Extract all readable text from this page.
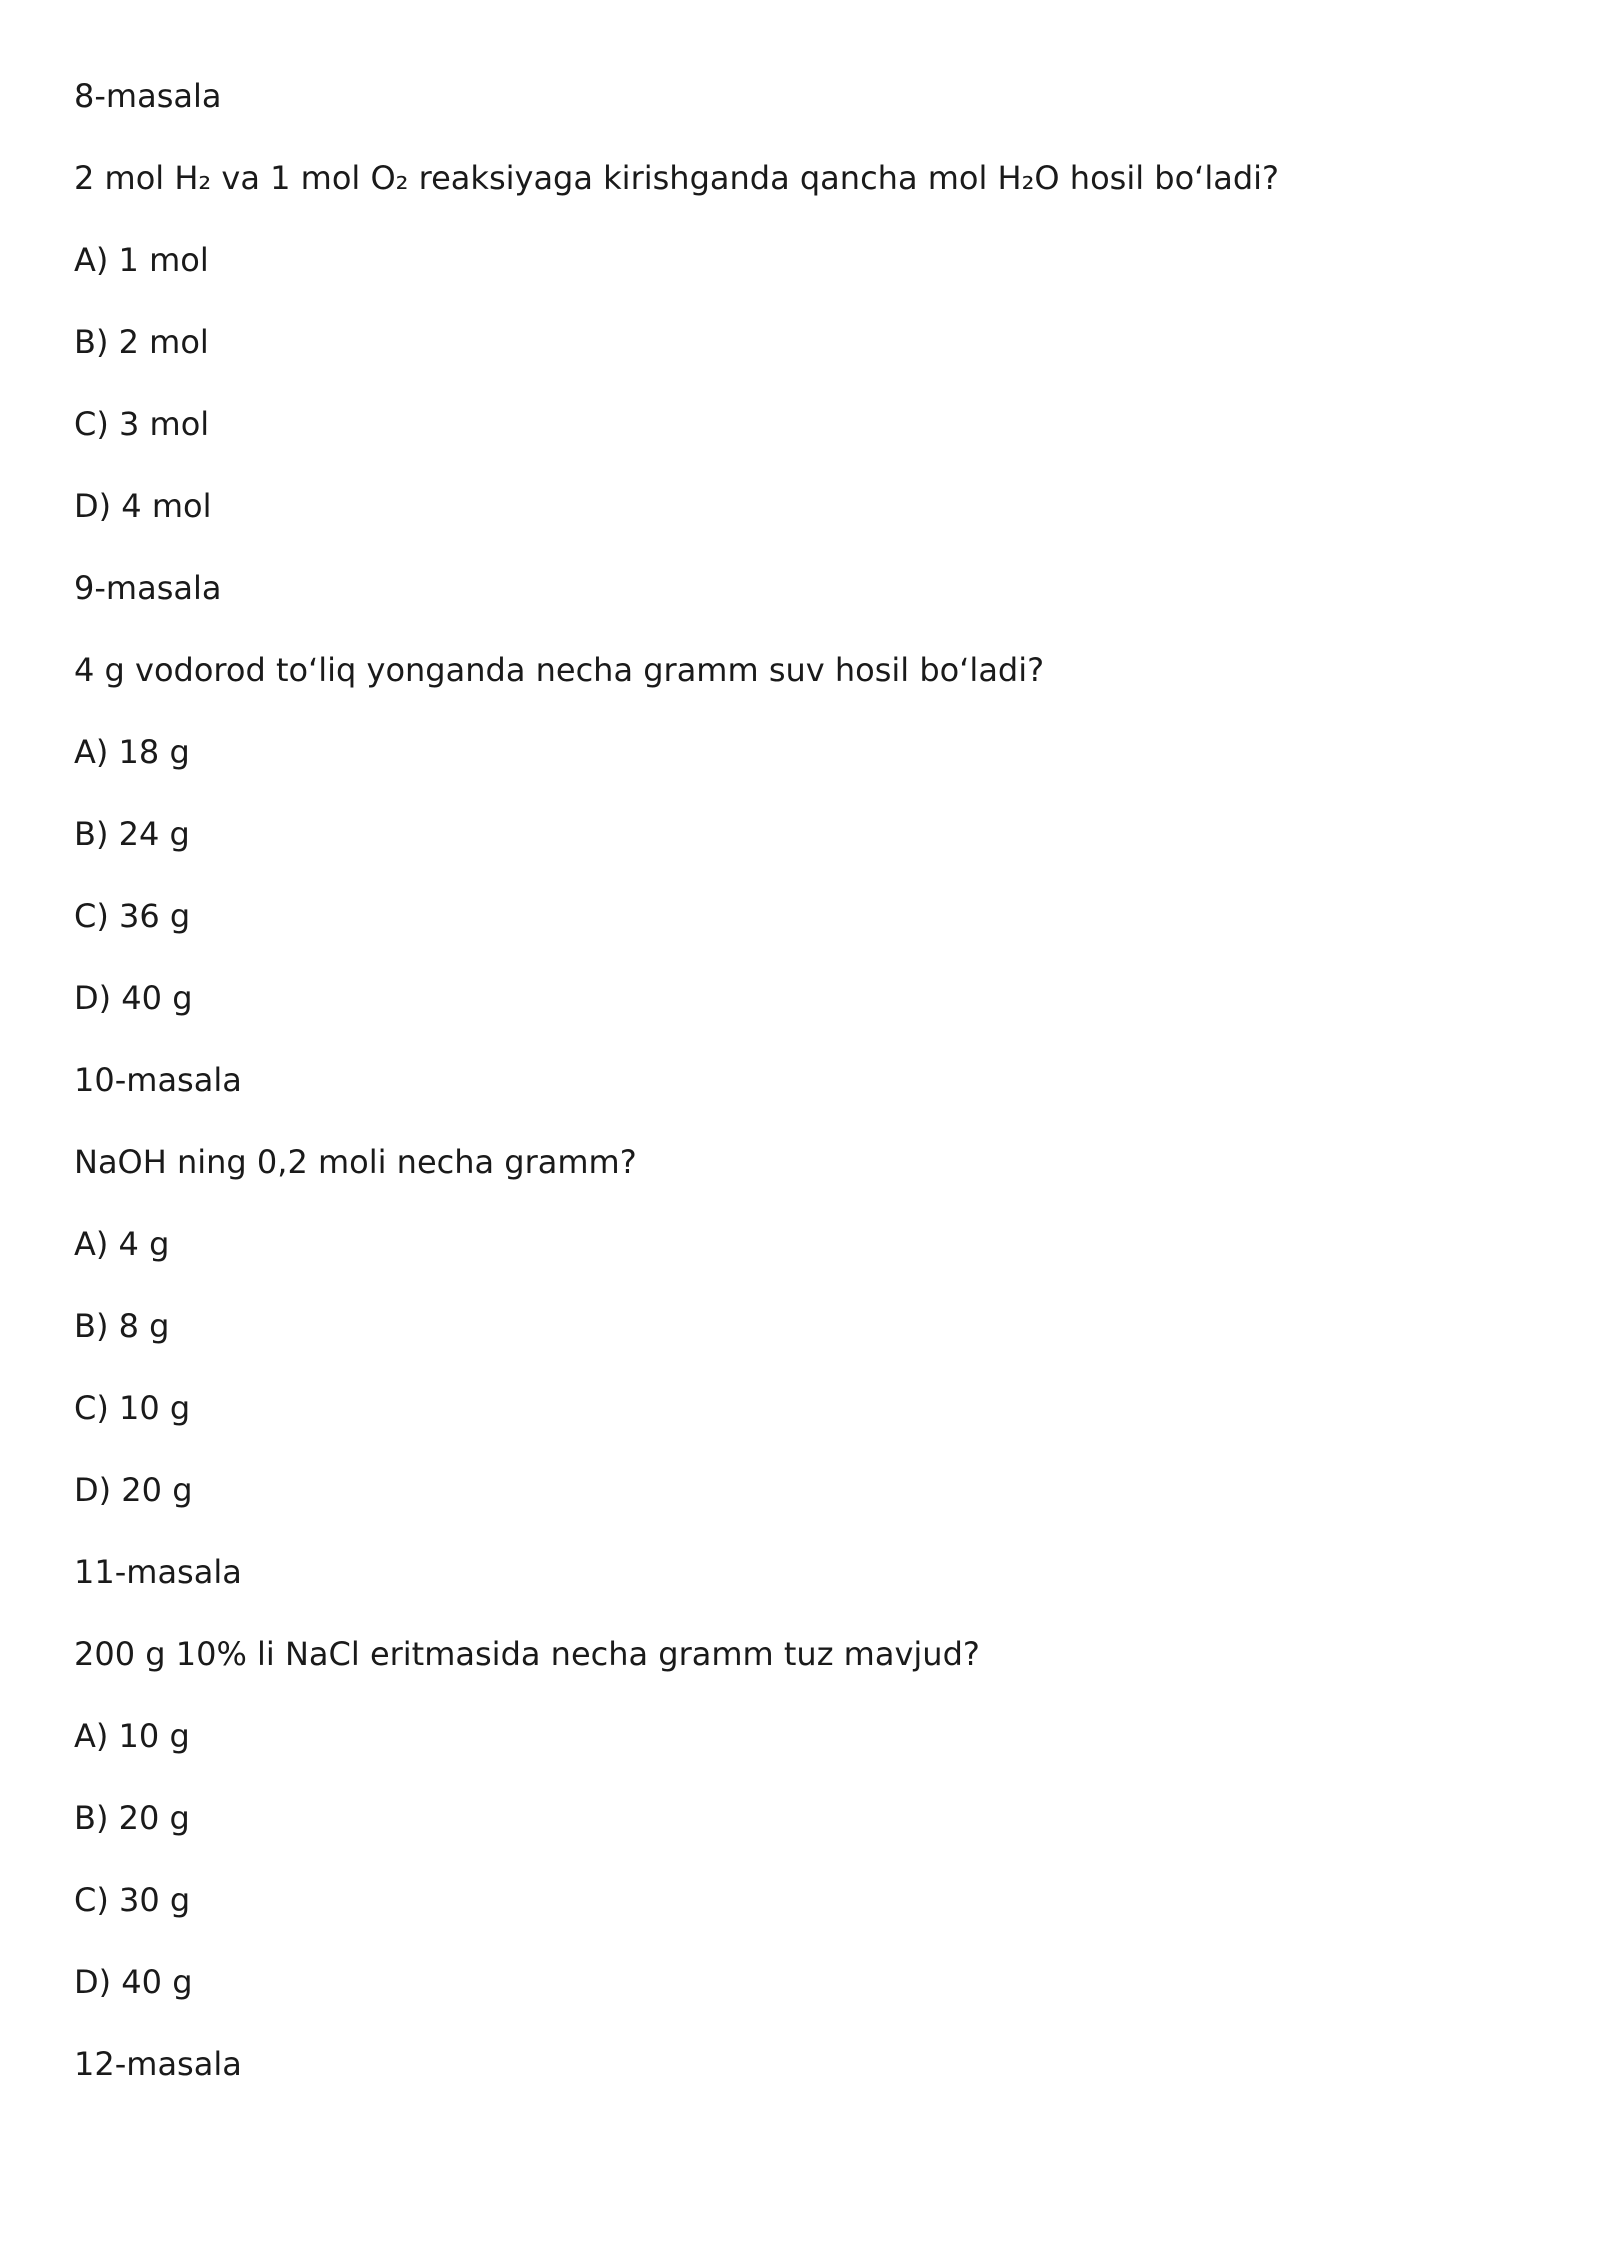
8-masala
2 mol H₂ va 1 mol O₂ reaksiyaga kirishganda qancha mol H₂O hosil bo‘ladi?
A) 1 mol
B) 2 mol
C) 3 mol
D) 4 mol
9-masala
4 g vodorod to‘liq yonganda necha gramm suv hosil bo‘ladi?
A) 18 g
B) 24 g
C) 36 g
D) 40 g
10-masala
NaOH ning 0,2 moli necha gramm?
A) 4 g
B) 8 g
C) 10 g
D) 20 g
11-masala
200 g 10% li NaCl eritmasida necha gramm tuz mavjud?
A) 10 g
B) 20 g
C) 30 g
D) 40 g
12-masala
